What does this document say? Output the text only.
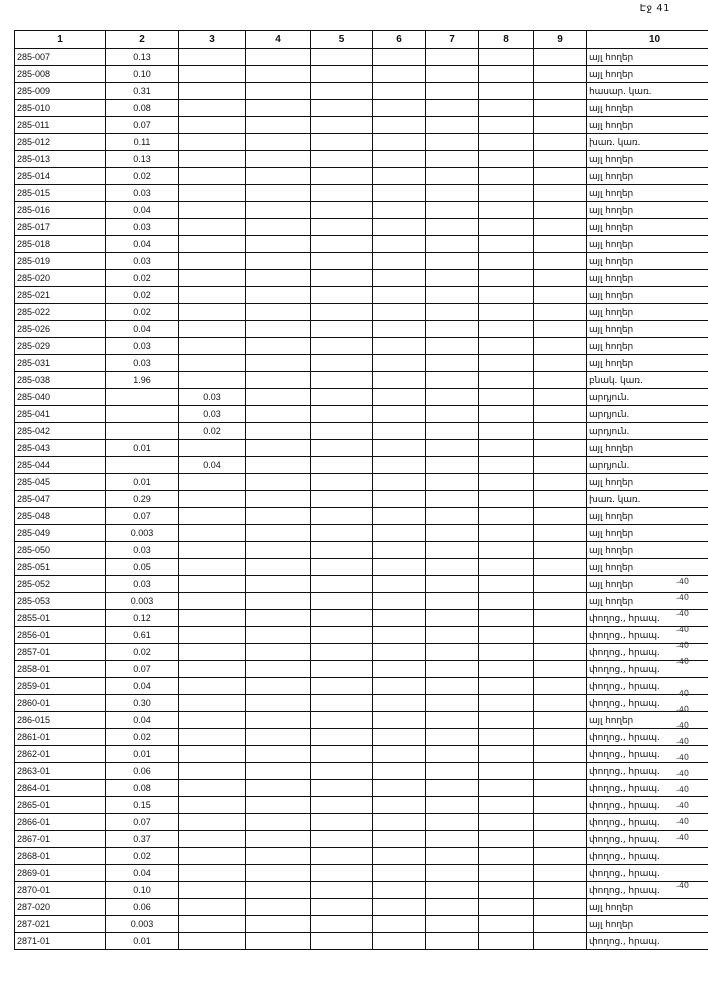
Էջ 41
1	2	3	4	5	6	7	8	9	10
285-007	0.13								այլ հողեր
285-008	0.10								այլ հողեր
285-009	0.31								հասար. կառ.
285-010	0.08								այլ հողեր
285-011	0.07								այլ հողեր
285-012	0.11								խառ. կառ.
285-013	0.13								այլ հողեր
285-014	0.02								այլ հողեր
285-015	0.03								այլ հողեր
285-016	0.04								այլ հողեր
285-017	0.03								այլ հողեր
285-018	0.04								այլ հողեր
285-019	0.03								այլ հողեր
285-020	0.02								այլ հողեր
285-021	0.02								այլ հողեր
285-022	0.02								այլ հողեր
285-026	0.04								այլ հողեր
285-029	0.03								այլ հողեր
285-031	0.03								այլ հողեր
285-038	1.96								բնակ. կառ.
285-040		0.03							արդյուն.
285-041		0.03							արդյուն.
285-042		0.02							արդյուն.
285-043	0.01								այլ հողեր
285-044		0.04							արդյուն.
285-045	0.01								այլ հողեր
285-047	0.29								խառ. կառ.
285-048	0.07								այլ հողեր
285-049	0.003								այլ հողեր
285-050	0.03								այլ հողեր
285-051	0.05								այլ հողեր
285-052	0.03								այլ հողեր
285-053	0.003								այլ հողեր
2855-01	0.12								փողոց., հրապ.
2856-01	0.61								փողոց., հրապ.
2857-01	0.02								փողոց., հրապ.
2858-01	0.07								փողոց., հրապ.
2859-01	0.04								փողոց., հրապ.
2860-01	0.30								փողոց., հրապ.
286-015	0.04								այլ հողեր
2861-01	0.02								փողոց., հրապ.
2862-01	0.01								փողոց., հրապ.
2863-01	0.06								փողոց., հրապ.
2864-01	0.08								փողոց., հրապ.
2865-01	0.15								փողոց., հրապ.
2866-01	0.07								փողոց., հրապ.
2867-01	0.37								փողոց., հրապ.
2868-01	0.02								փողոց., հրապ.
2869-01	0.04								փողոց., հրապ.
2870-01	0.10								փողոց., հրապ.
287-020	0.06								այլ հողեր
287-021	0.003								այլ հողեր
2871-01	0.01								փողոց., հրապ.
-40
-40
-40
-40
-40
-40
-40
-40
-40
-40
-40
-40
-40
-40
-40
-40
-40
